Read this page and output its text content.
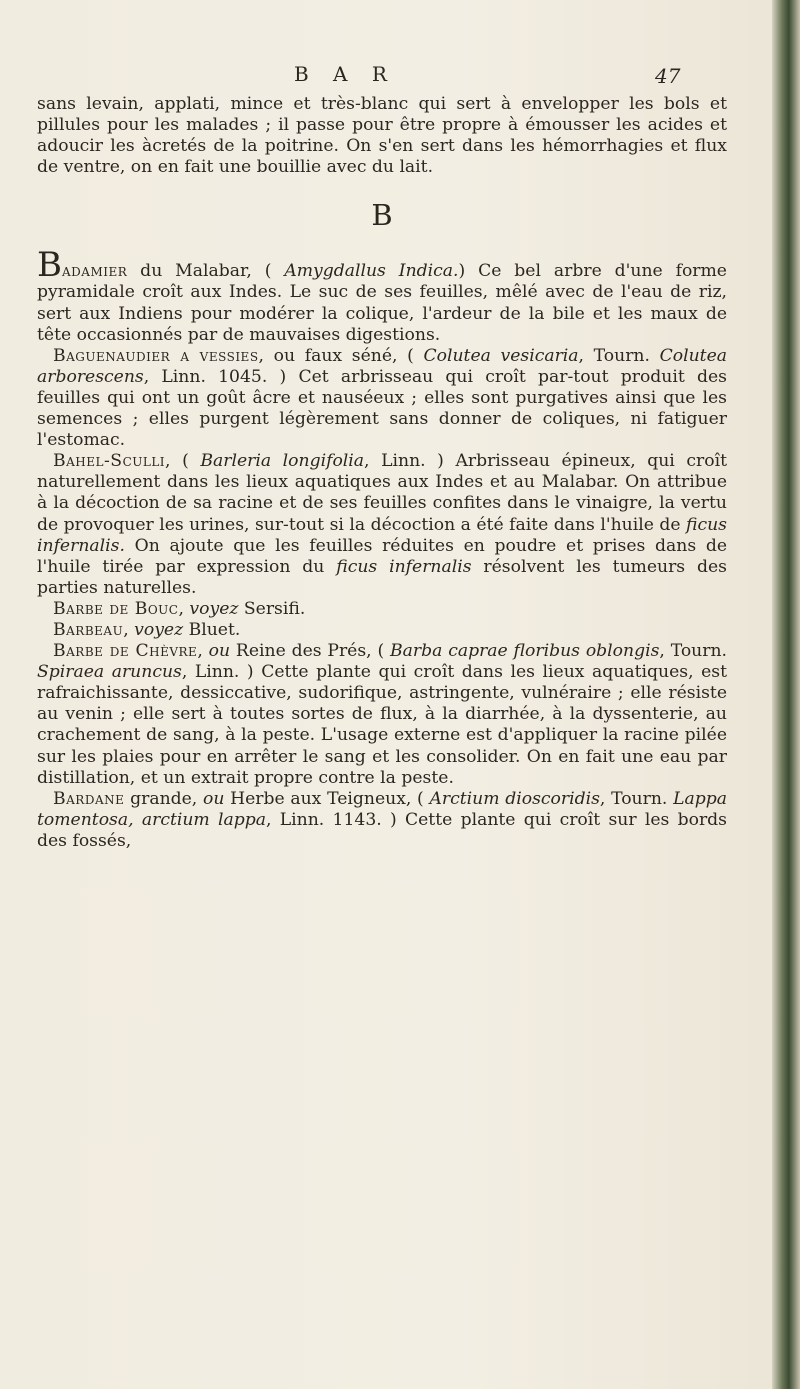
B A R	47

sans levain, applati, mince et très-blanc qui sert à envelopper les bols et pillules pour les malades ; il passe pour être propre à émousser les acides et adoucir les àcretés de la poitrine. On s'en sert dans les hémorrhagies et flux de ventre, on en fait une bouillie avec du lait.

B

Badamier du Malabar, ( Amygdallus Indica.) Ce bel arbre d'une forme pyramidale croît aux Indes. Le suc de ses feuilles, mêlé avec de l'eau de riz, sert aux Indiens pour modérer la colique, l'ardeur de la bile et les maux de tête occasionnés par de mauvaises digestions.

Baguenaudier a vessies, ou faux séné, ( Colutea vesicaria, Tourn. Colutea arborescens, Linn. 1045. ) Cet arbrisseau qui croît par-tout produit des feuilles qui ont un goût âcre et nauséeux ; elles sont purgatives ainsi que les semences ; elles purgent légèrement sans donner de coliques, ni fatiguer l'estomac.

Bahel-Sculli, ( Barleria longifolia, Linn. ) Arbrisseau épineux, qui croît naturellement dans les lieux aquatiques aux Indes et au Malabar. On attribue à la décoction de sa racine et de ses feuilles confites dans le vinaigre, la vertu de provoquer les urines, sur-tout si la décoction a été faite dans l'huile de ficus infernalis. On ajoute que les feuilles réduites en poudre et prises dans de l'huile tirée par expression du ficus infernalis résolvent les tumeurs des parties naturelles.

Barbe de Bouc, voyez Sersifi.

Barbeau, voyez Bluet.

Barbe de Chèvre, ou Reine des Prés, ( Barba caprae floribus oblongis, Tourn. Spiraea aruncus, Linn. ) Cette plante qui croît dans les lieux aquatiques, est rafraichissante, dessiccative, sudorifique, astringente, vulnéraire ; elle résiste au venin ; elle sert à toutes sortes de flux, à la diarrhée, à la dyssenterie, au crachement de sang, à la peste. L'usage externe est d'appliquer la racine pilée sur les plaies pour en arrêter le sang et les consolider. On en fait une eau par distillation, et un extrait propre contre la peste.

Bardane grande, ou Herbe aux Teigneux, ( Arctium dioscoridis, Tourn. Lappa tomentosa, arctium lappa, Linn. 1143. ) Cette plante qui croît sur les bords des fossés,
